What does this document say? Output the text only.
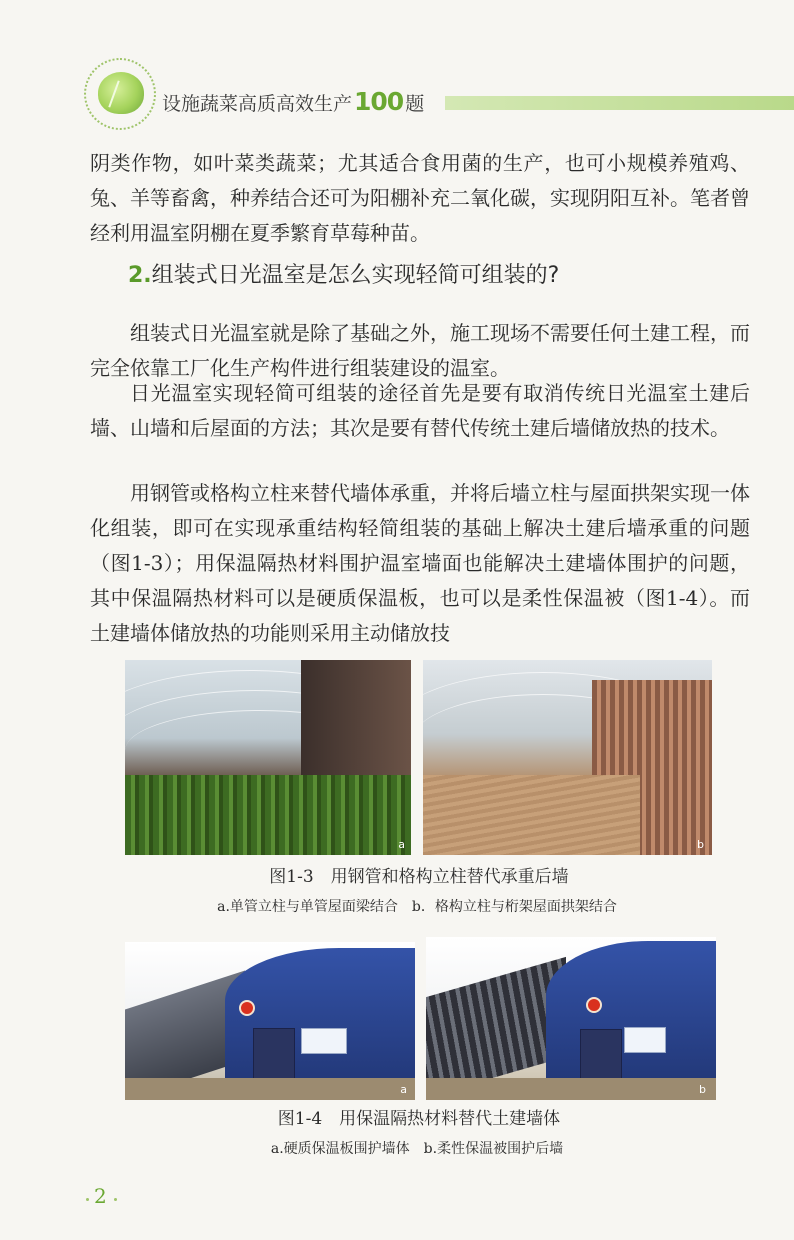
设施蔬菜高质高效生产100 题

阴类作物，如叶菜类蔬菜；尤其适合食用菌的生产，也可小规模养殖鸡、兔、羊等畜禽，种养结合还可为阳棚补充二氧化碳，实现阴阳互补。笔者曾经利用温室阴棚在夏季繁育草莓种苗。

2.组装式日光温室是怎么实现轻简可组装的?

组装式日光温室就是除了基础之外，施工现场不需要任何土建工程，而完全依靠工厂化生产构件进行组装建设的温室。

日光温室实现轻简可组装的途径首先是要有取消传统日光温室土建后墙、山墙和后屋面的方法；其次是要有替代传统土建后墙储放热的技术。

用钢管或格构立柱来替代墙体承重，并将后墙立柱与屋面拱架实现一体化组装，即可在实现承重结构轻简组装的基础上解决土建后墙承重的问题（图1-3）；用保温隔热材料围护温室墙面也能解决土建墙体围护的问题，其中保温隔热材料可以是硬质保温板，也可以是柔性保温被（图1-4）。而土建墙体储放热的功能则采用主动储放技

a	b
图1-3　用钢管和格构立柱替代承重后墙
a.单管立柱与单管屋面梁结合　b．格构立柱与桁架屋面拱架结合
a	b
图1-4　用保温隔热材料替代土建墙体
a.硬质保温板围护墙体　b.柔性保温被围护后墙
2
